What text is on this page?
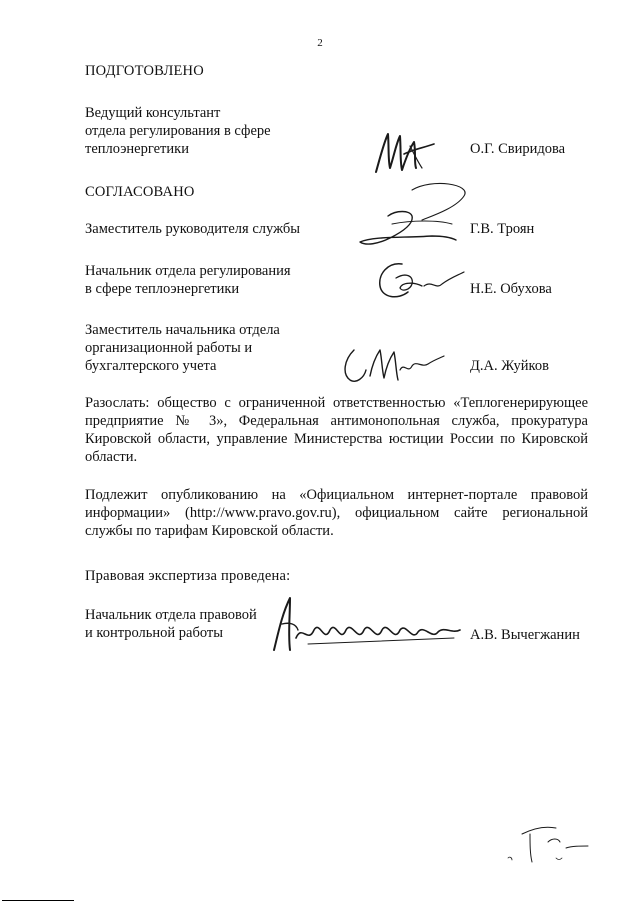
2
ПОДГОТОВЛЕНО
Ведущий консультант
отдела регулирования в сфере
теплоэнергетики	О.Г. Свиридова
СОГЛАСОВАНО
Заместитель руководителя службы	Г.В. Троян
Начальник отдела регулирования
в сфере теплоэнергетики	Н.Е. Обухова
Заместитель начальника отдела
организационной работы и
бухгалтерского учета	Д.А. Жуйков
Разослать: общество с ограниченной ответственностью «Теплогенерирующее предприятие № 3», Федеральная антимонопольная служба, прокуратура Кировской области, управление Министерства юстиции России по Кировской области.
Подлежит опубликованию на «Официальном интернет-портале правовой информации» (http://www.pravo.gov.ru), официальном сайте региональной службы по тарифам Кировской области.
Правовая экспертиза проведена:
Начальник отдела правовой
и контрольной работы	А.В. Вычегжанин
